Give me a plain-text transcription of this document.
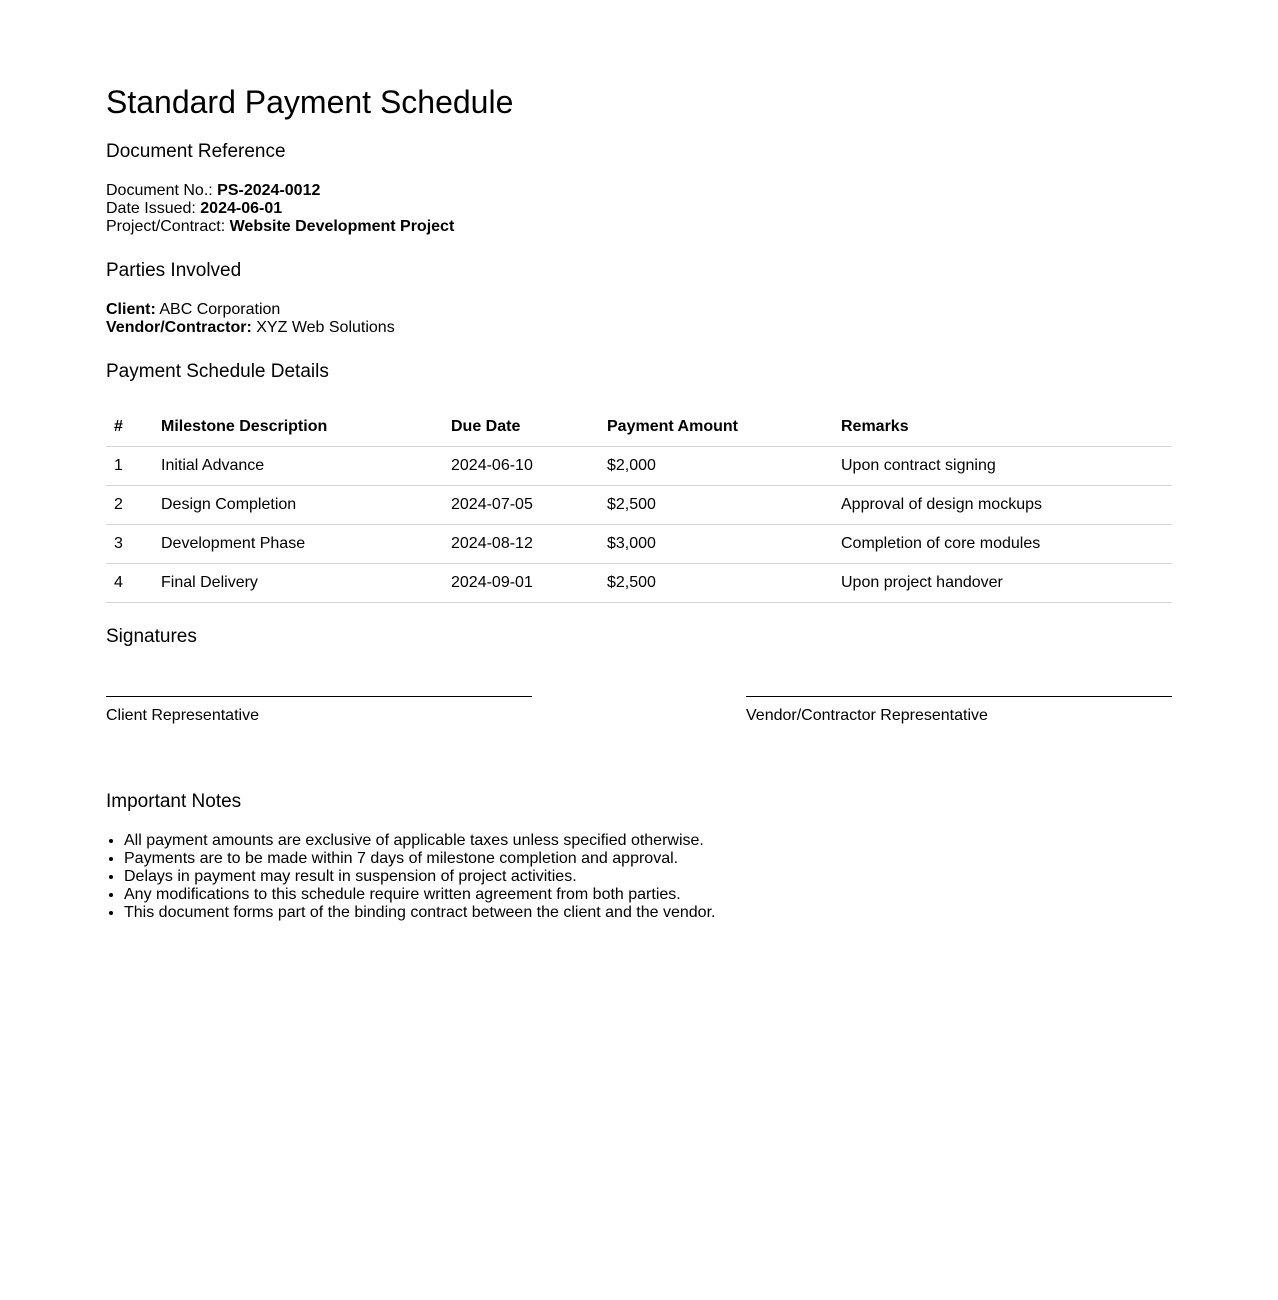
Standard Payment Schedule
Document Reference
Document No.: PS-2024-0012
Date Issued: 2024-06-01
Project/Contract: Website Development Project
Parties Involved
Client: ABC Corporation
Vendor/Contractor: XYZ Web Solutions
Payment Schedule Details
#	Milestone Description	Due Date	Payment Amount	Remarks
1	Initial Advance	2024-06-10	$2,000	Upon contract signing
2	Design Completion	2024-07-05	$2,500	Approval of design mockups
3	Development Phase	2024-08-12	$3,000	Completion of core modules
4	Final Delivery	2024-09-01	$2,500	Upon project handover
Signatures
Client Representative	Vendor/Contractor Representative
Important Notes
• All payment amounts are exclusive of applicable taxes unless specified otherwise.
• Payments are to be made within 7 days of milestone completion and approval.
• Delays in payment may result in suspension of project activities.
• Any modifications to this schedule require written agreement from both parties.
• This document forms part of the binding contract between the client and the vendor.
